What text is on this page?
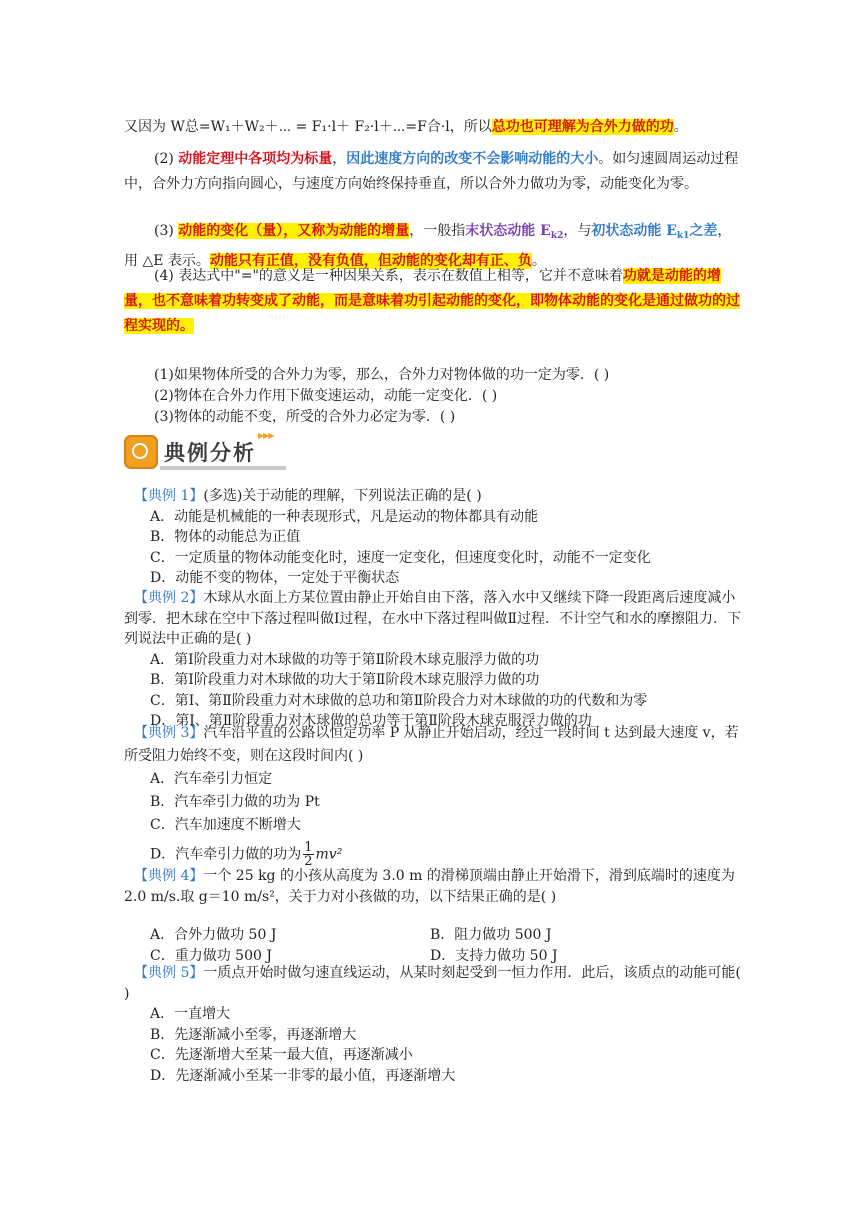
又因为 W总=W₁＋W₂＋⋯ = F₁·l＋ F₂·l＋⋯=F合·l，所以总功也可理解为合外力做的功。
(2) 动能定理中各项均为标量，因此速度方向的改变不会影响动能的大小。如匀速圆周运动过程中，合外力方向指向圆心，与速度方向始终保持垂直，所以合外力做功为零，动能变化为零。
(3) 动能的变化（量），又称为动能的增量，一般指末状态动能 $E_{k2}$，与初状态动能 $E_{k1}$之差，用 △E 表示。动能只有正值，没有负值，但动能的变化却有正、负。
(4) 表达式中"="的意义是一种因果关系，表示在数值上相等，它并不意味着功就是动能的增量，也不意味着功转变成了动能，而是意味着功引起动能的变化，即物体动能的变化是通过做功的过程实现的。
(1)如果物体所受的合外力为零，那么，合外力对物体做的功一定为零．( )
(2)物体在合外力作用下做变速运动，动能一定变化．( )
(3)物体的动能不变，所受的合外力必定为零．( )
典例分析
▶▶▶
【典例 1】(多选)关于动能的理解，下列说法正确的是( )
A．动能是机械能的一种表现形式，凡是运动的物体都具有动能
B．物体的动能总为正值
C．一定质量的物体动能变化时，速度一定变化，但速度变化时，动能不一定变化
D．动能不变的物体，一定处于平衡状态
【典例 2】木球从水面上方某位置由静止开始自由下落，落入水中又继续下降一段距离后速度减小到零．把木球在空中下落过程叫做Ⅰ过程，在水中下落过程叫做Ⅱ过程．不计空气和水的摩擦阻力．下列说法中正确的是( )
A．第Ⅰ阶段重力对木球做的功等于第Ⅱ阶段木球克服浮力做的功
B．第Ⅰ阶段重力对木球做的功大于第Ⅱ阶段木球克服浮力做的功
C．第Ⅰ、第Ⅱ阶段重力对木球做的总功和第Ⅱ阶段合力对木球做的功的代数和为零
D．第Ⅰ、第Ⅱ阶段重力对木球做的总功等于第Ⅱ阶段木球克服浮力做的功
【典例 3】汽车沿平直的公路以恒定功率 P 从静止开始启动，经过一段时间 t 达到最大速度 v，若所受阻力始终不变，则在这段时间内( )
A．汽车牵引力恒定
B．汽车牵引力做的功为 Pt
C．汽车加速度不断增大
D．汽车牵引力做的功为 $\frac{1}{2} mv^2$
【典例 4】一个 25 kg 的小孩从高度为 3.0 m 的滑梯顶端由静止开始滑下，滑到底端时的速度为 2.0 m/s.取 g＝10 m/s²，关于力对小孩做的功，以下结果正确的是( )
A．合外力做功 50 J	B．阻力做功 500 J
C．重力做功 500 J	D．支持力做功 50 J
【典例 5】一质点开始时做匀速直线运动，从某时刻起受到一恒力作用．此后，该质点的动能可能( )
A．一直增大
B．先逐渐减小至零，再逐渐增大
C．先逐渐增大至某一最大值，再逐渐减小
D．先逐渐减小至某一非零的最小值，再逐渐增大
